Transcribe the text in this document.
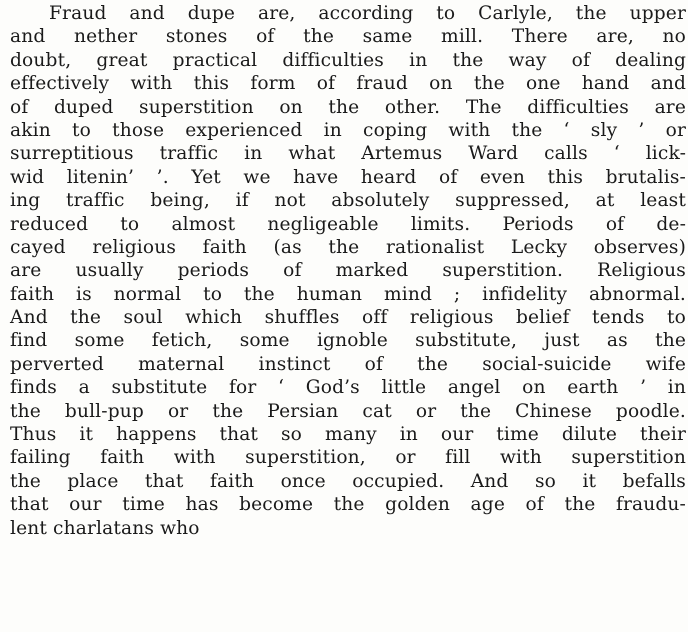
Fraud and dupe are, according to Carlyle, the upper
and nether stones of the same mill. There are, no
doubt, great practical difficulties in the way of dealing
effectively with this form of fraud on the one hand and
of duped superstition on the other. The difficulties are
akin to those experienced in coping with the ‘ sly ’ or
surreptitious traffic in what Artemus Ward calls ‘ lick-
wid litenin’ ’. Yet we have heard of even this brutalis-
ing traffic being, if not absolutely suppressed, at least
reduced to almost negligeable limits. Periods of de-
cayed religious faith (as the rationalist Lecky observes)
are usually periods of marked superstition. Religious
faith is normal to the human mind ; infidelity abnormal.
And the soul which shuffles off religious belief tends to
find some fetich, some ignoble substitute, just as the
perverted maternal instinct of the social-suicide wife
finds a substitute for ‘ God’s little angel on earth ’ in
the bull-pup or the Persian cat or the Chinese poodle.
Thus it happens that so many in our time dilute their
failing faith with superstition, or fill with superstition
the place that faith once occupied. And so it befalls
that our time has become the golden age of the fraudu-
lent charlatans who
